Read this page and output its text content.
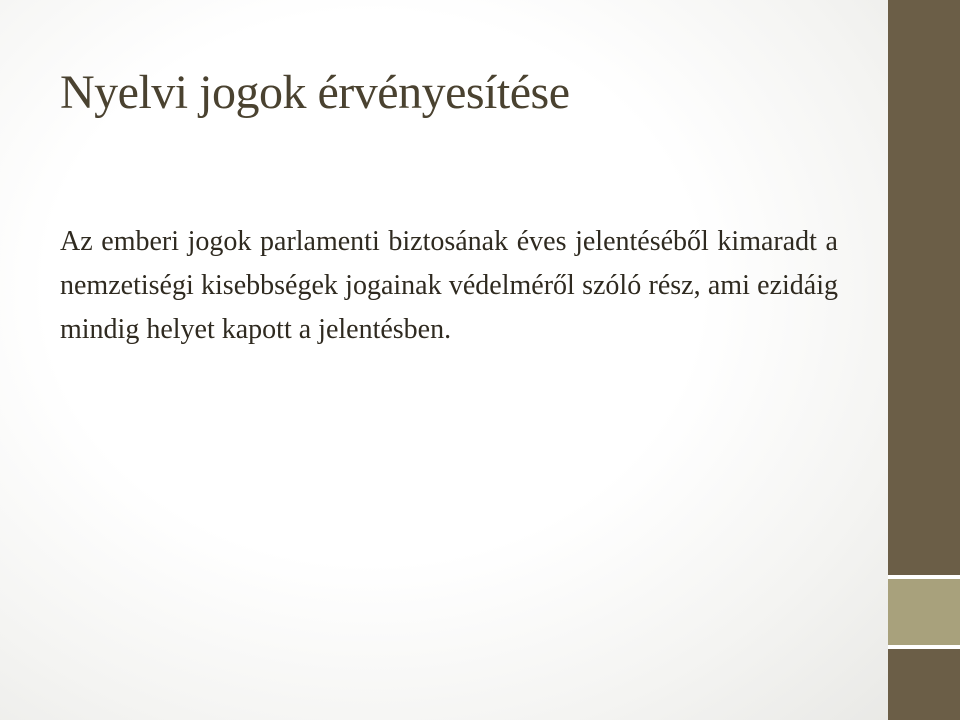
Nyelvi jogok érvényesítése

Az emberi jogok parlamenti biztosának éves jelentéséből kimaradt a nemzetiségi kisebbségek jogainak védelméről szóló rész, ami ezidáig mindig helyet kapott a jelentésben.
